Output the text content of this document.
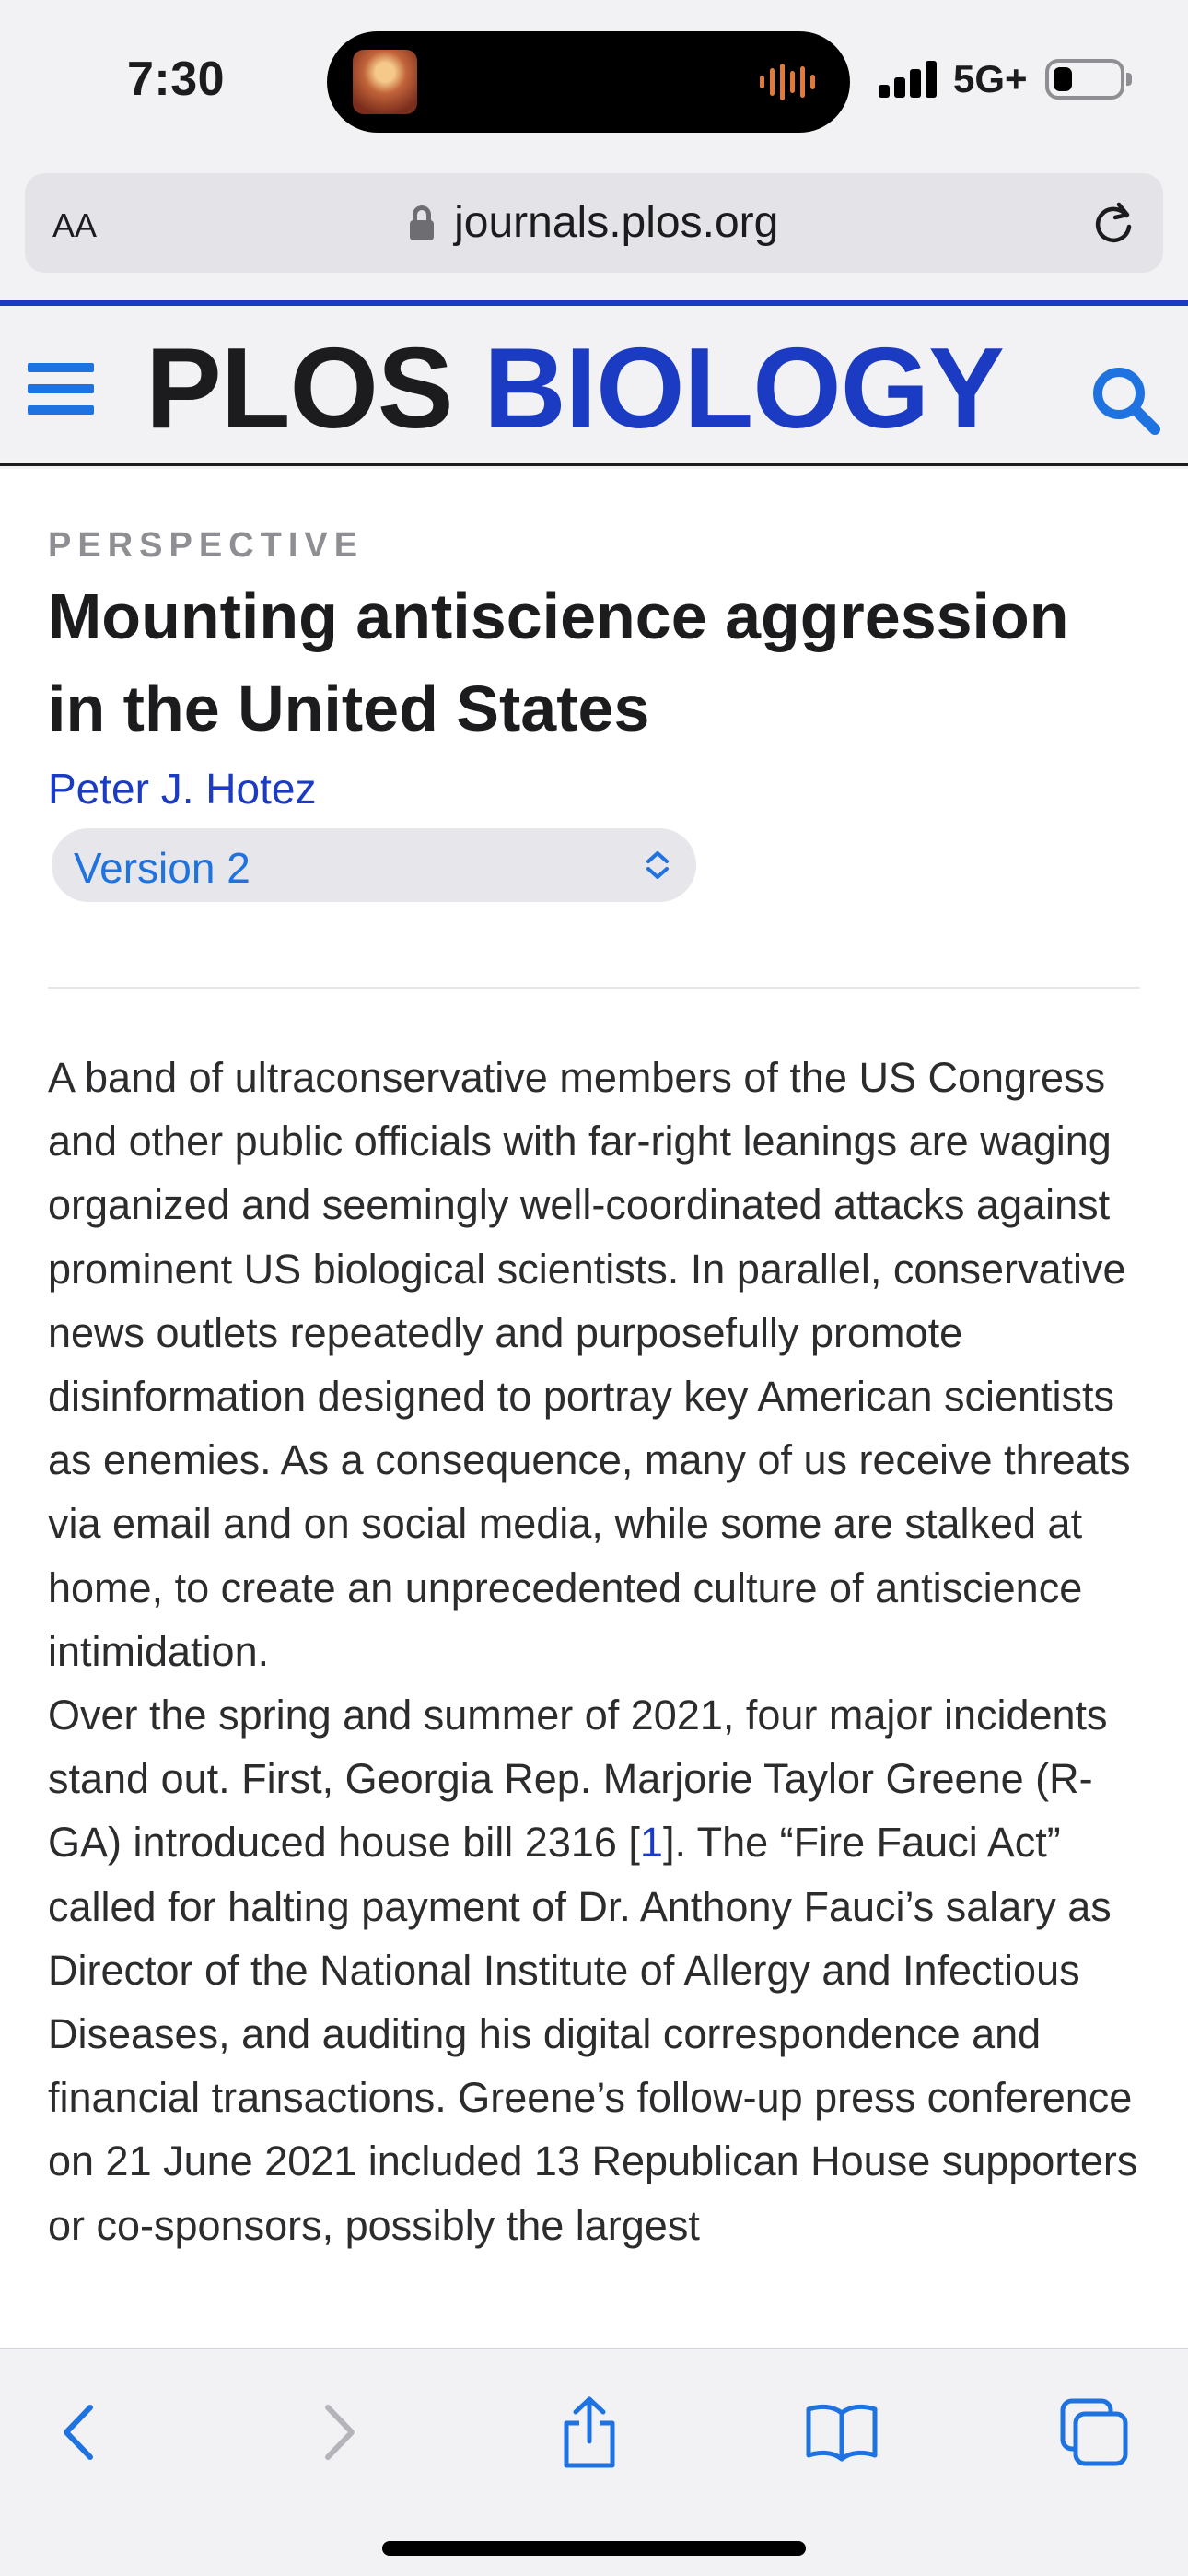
7:30	5G+
AA	journals.plos.org
PLOS BIOLOGY
PERSPECTIVE
Mounting antiscience aggression in the United States
Peter J. Hotez
Version 2

A band of ultraconservative members of the US Congress and other public officials with far-right leanings are waging organized and seemingly well-coordinated attacks against prominent US biological scientists. In parallel, conservative news outlets repeatedly and purposefully promote disinformation designed to portray key American scientists as enemies. As a consequence, many of us receive threats via email and on social media, while some are stalked at home, to create an unprecedented culture of antiscience intimidation.

Over the spring and summer of 2021, four major incidents stand out. First, Georgia Rep. Marjorie Taylor Greene (R-GA) introduced house bill 2316 [1]. The “Fire Fauci Act” called for halting payment of Dr. Anthony Fauci’s salary as Director of the National Institute of Allergy and Infectious Diseases, and auditing his digital correspondence and financial transactions. Greene’s follow-up press conference on 21 June 2021 included 13 Republican House supporters or co-sponsors, possibly the largest
